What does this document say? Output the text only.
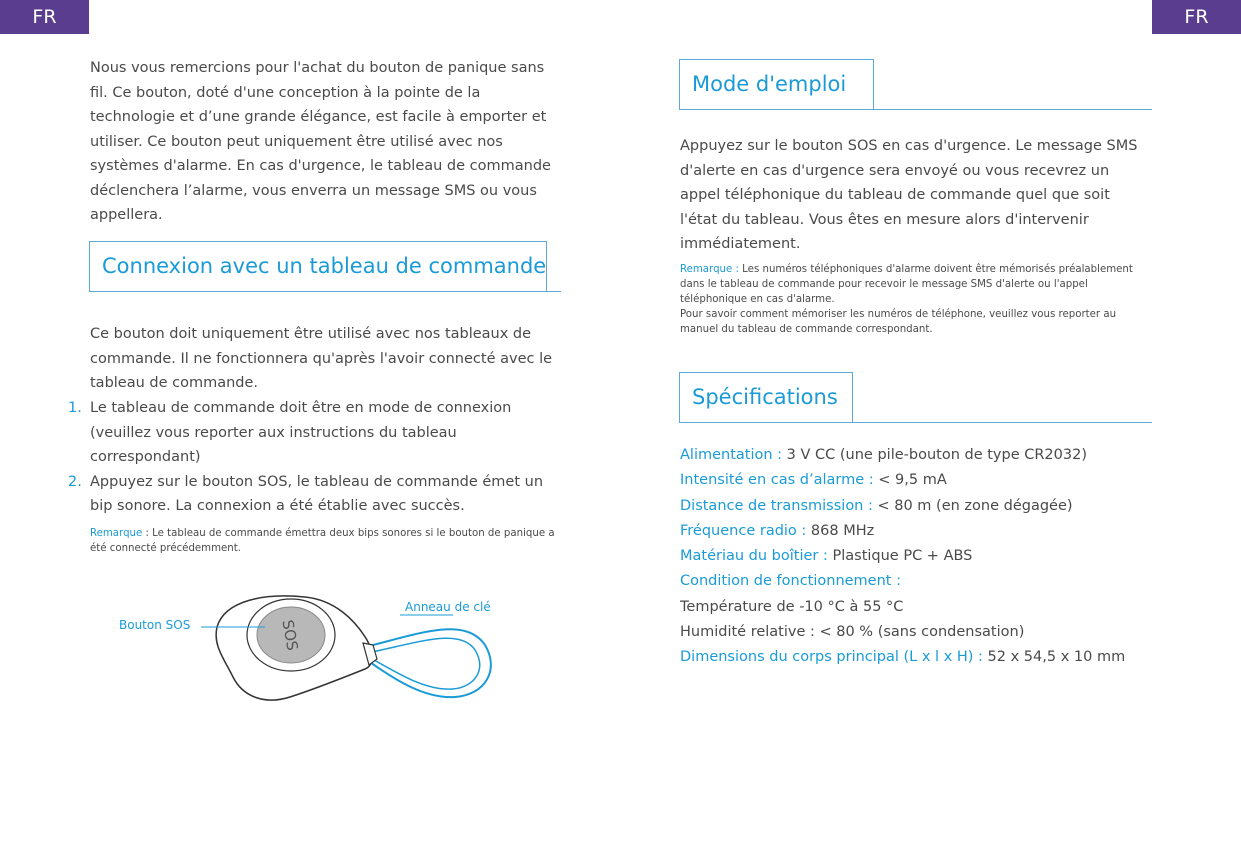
FR	FR

Nous vous remercions pour l'achat du bouton de panique sans fil. Ce bouton, doté d'une conception à la pointe de la technologie et d’une grande élégance, est facile à emporter et utiliser. Ce bouton peut uniquement être utilisé avec nos systèmes d'alarme. En cas d'urgence, le tableau de commande déclenchera l’alarme, vous enverra un message SMS ou vous appellera.

Connexion avec un tableau de commande

Ce bouton doit uniquement être utilisé avec nos tableaux de commande. Il ne fonctionnera qu'après l'avoir connecté avec le tableau de commande.

1. Le tableau de commande doit être en mode de connexion (veuillez vous reporter aux instructions du tableau correspondant)
2. Appuyez sur le bouton SOS, le tableau de commande émet un bip sonore. La connexion a été établie avec succès.

Remarque : Le tableau de commande émettra deux bips sonores si le bouton de panique a été connecté précédemment.

SOS
Bouton SOS
Anneau de clé
Mode d'emploi

Appuyez sur le bouton SOS en cas d'urgence. Le message SMS d'alerte en cas d'urgence sera envoyé ou vous recevrez un appel téléphonique du tableau de commande quel que soit l'état du tableau. Vous êtes en mesure alors d'intervenir immédiatement.

Remarque : Les numéros téléphoniques d'alarme doivent être mémorisés préalablement dans le tableau de commande pour recevoir le message SMS d'alerte ou l'appel téléphonique en cas d'alarme.
Pour savoir comment mémoriser les numéros de téléphone, veuillez vous reporter au manuel du tableau de commande correspondant.

Spécifications
Alimentation : 3 V CC (une pile-bouton de type CR2032)
Intensité en cas d’alarme : < 9,5 mA
Distance de transmission : < 80 m (en zone dégagée)
Fréquence radio : 868 MHz
Matériau du boîtier : Plastique PC + ABS
Condition de fonctionnement :
Température de -10 °C à 55 °C
Humidité relative : < 80 % (sans condensation)
Dimensions du corps principal (L x l x H) : 52 x 54,5 x 10 mm
